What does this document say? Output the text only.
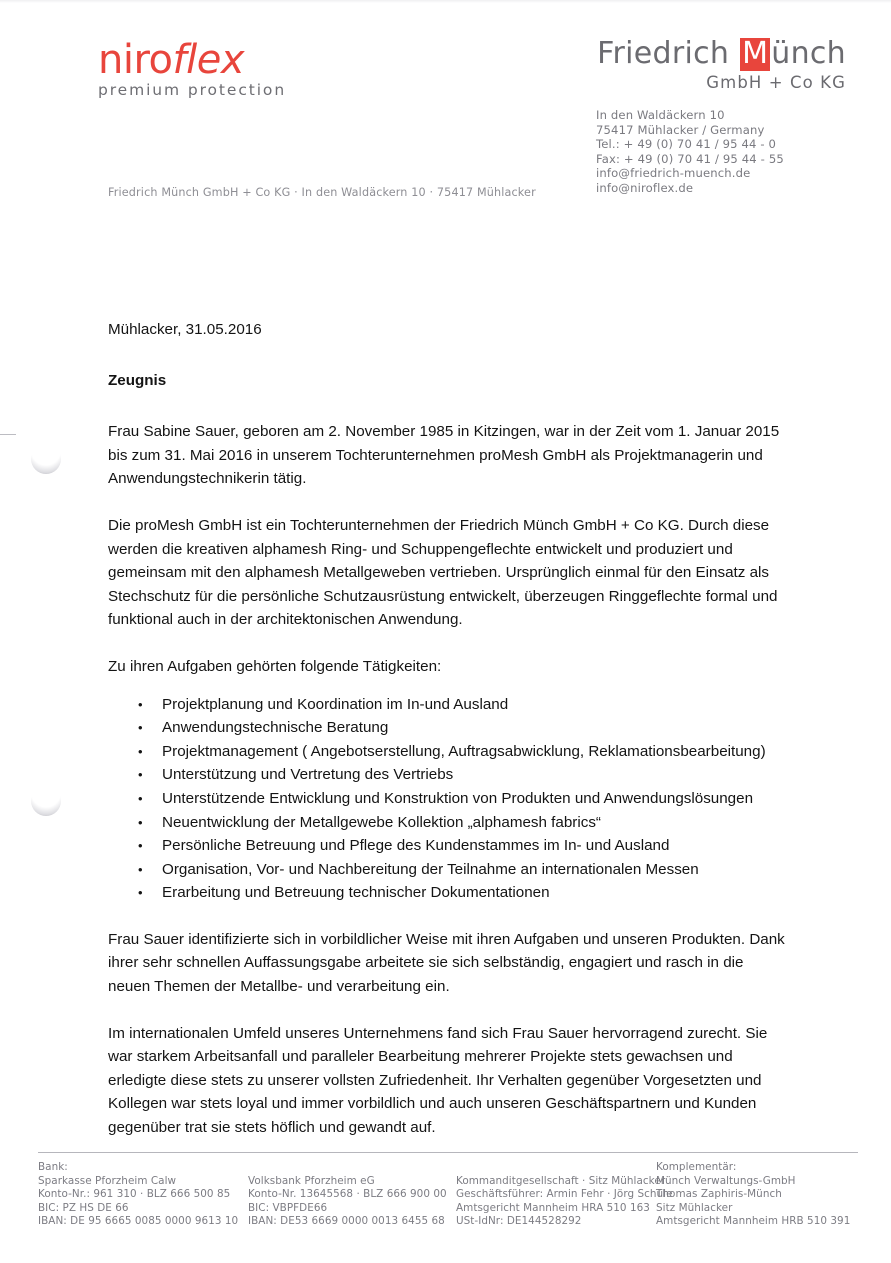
niroflex
premium protection
Friedrich M ünch
GmbH + Co KG
In den Waldäckern 10
75417 Mühlacker / Germany
Tel.: + 49 (0) 70 41 / 95 44 - 0
Fax: + 49 (0) 70 41 / 95 44 - 55
info@friedrich-muench.de
info@niroflex.de
Friedrich Münch GmbH + Co KG · In den Waldäckern 10 · 75417 Mühlacker

Mühlacker, 31.05.2016

Zeugnis

Frau Sabine Sauer, geboren am 2. November 1985 in Kitzingen, war in der Zeit vom 1. Januar 2015 bis zum 31. Mai 2016 in unserem Tochterunternehmen proMesh GmbH als Projektmanagerin und Anwendungstechnikerin tätig.

Die proMesh GmbH ist ein Tochterunternehmen der Friedrich Münch GmbH + Co KG. Durch diese werden die kreativen alphamesh Ring- und Schuppengeflechte entwickelt und produziert und gemeinsam mit den alphamesh Metallgeweben vertrieben. Ursprünglich einmal für den Einsatz als Stechschutz für die persönliche Schutzausrüstung entwickelt, überzeugen Ringgeflechte formal und funktional auch in der architektonischen Anwendung.

Zu ihren Aufgaben gehörten folgende Tätigkeiten:

• Projektplanung und Koordination im In-und Ausland
• Anwendungstechnische Beratung
• Projektmanagement ( Angebotserstellung, Auftragsabwicklung, Reklamationsbearbeitung)
• Unterstützung und Vertretung des Vertriebs
• Unterstützende Entwicklung und Konstruktion von Produkten und Anwendungslösungen
• Neuentwicklung der Metallgewebe Kollektion „alphamesh fabrics“
• Persönliche Betreuung und Pflege des Kundenstammes im In- und Ausland
• Organisation, Vor- und Nachbereitung der Teilnahme an internationalen Messen
• Erarbeitung und Betreuung technischer Dokumentationen

Frau Sauer identifizierte sich in vorbildlicher Weise mit ihren Aufgaben und unseren Produkten. Dank ihrer sehr schnellen Auffassungsgabe arbeitete sie sich selbständig, engagiert und rasch in die neuen Themen der Metallbe- und verarbeitung ein.

Im internationalen Umfeld unseres Unternehmens fand sich Frau Sauer hervorragend zurecht. Sie war starkem Arbeitsanfall und paralleler Bearbeitung mehrerer Projekte stets gewachsen und erledigte diese stets zu unserer vollsten Zufriedenheit. Ihr Verhalten gegenüber Vorgesetzten und Kollegen war stets loyal und immer vorbildlich und auch unseren Geschäftspartnern und Kunden gegenüber trat sie stets höflich und gewandt auf.

Bank:
Sparkasse Pforzheim Calw
Konto-Nr.: 961 310 · BLZ 666 500 85
BIC: PZ HS DE 66
IBAN: DE 95 6665 0085 0000 9613 10

Volksbank Pforzheim eG
Konto-Nr. 13645568 · BLZ 666 900 00
BIC: VBPFDE66
IBAN: DE53 6669 0000 0013 6455 68

Kommanditgesellschaft · Sitz Mühlacker
Geschäftsführer: Armin Fehr · Jörg Schüle
Amtsgericht Mannheim HRA 510 163
USt-IdNr: DE144528292
Komplementär:
Münch Verwaltungs-GmbH
Thomas Zaphiris-Münch
Sitz Mühlacker
Amtsgericht Mannheim HRB 510 391
